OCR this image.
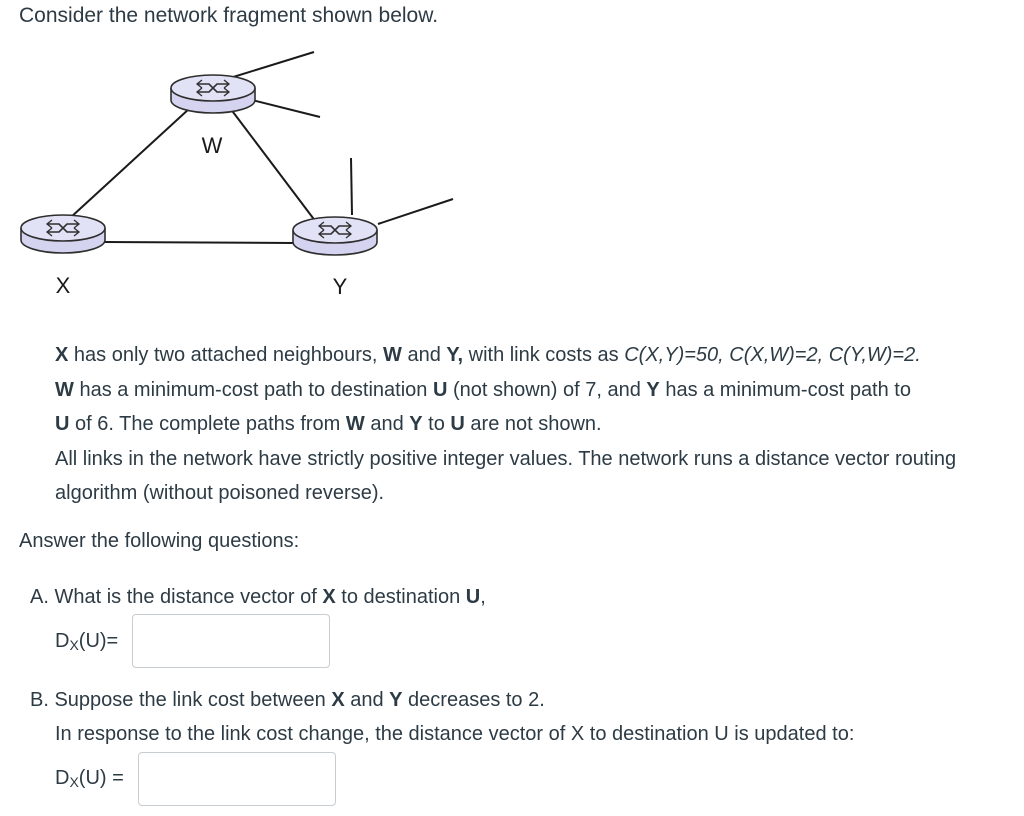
Consider the network fragment shown below.
W
X	Y
X has only two attached neighbours, W and Y, with link costs as C(X,Y)=50, C(X,W)=2, C(Y,W)=2.
W has a minimum-cost path to destination U (not shown) of 7, and Y has a minimum-cost path to
U of 6. The complete paths from W and Y to U are not shown.
All links in the network have strictly positive integer values. The network runs a distance vector routing algorithm (without poisoned reverse).
Answer the following questions:
A. What is the distance vector of X to destination U,
$D_X(U)=$
B. Suppose the link cost between X and Y decreases to 2.
In response to the link cost change, the distance vector of X to destination U is updated to:
$D_X(U)$ =
